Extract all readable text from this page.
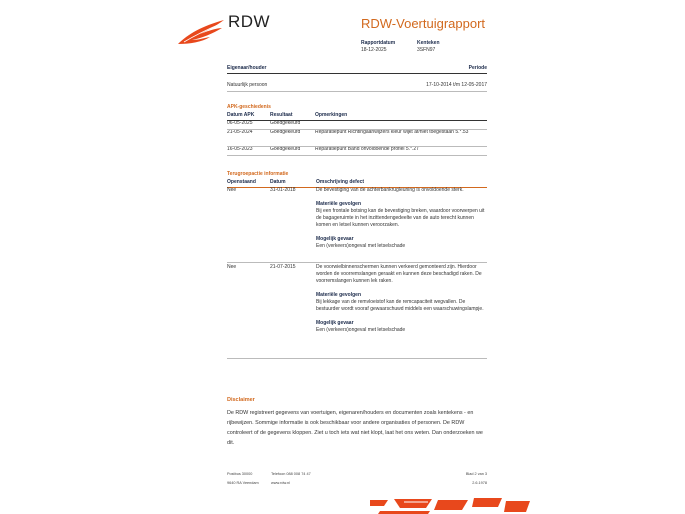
RDW	RDW-Voertuigrapport
Rapportdatum
18-12-2025
Kenteken
3SFN97
Eigenaar/houder	Periode
Natuurlijk persoon	17-10-2014 t/m 12-05-2017
APK-geschiedenis
Datum APK	Resultaat	Opmerkingen
06-05-2025	Goedgekeurd	
21-05-2024	Goedgekeurd	Reparatiepunt Richtingaanwijzers kleur wijkt af/niet toegestaan 5.*.53
16-05-2023	Goedgekeurd	Reparatiepunt Band onvoldoende profiel 5.*.27
Terugroepactie informatie
Openstaand	Datum	Omschrijving defect
Nee	31-01-2018	De bevestiging van de achterbankrugleuning is onvoldoende sterk.

Materiële gevolgen

Bij een frontale botsing kan de bevestiging breken, waardoor voorwerpen uit de bagageruimte in het inzittendengedeelte van de auto terecht kunnen komen en letsel kunnen veroorzaken.

Mogelijk gevaar

Een (verkeers)ongeval met letselschade

Nee	21-07-2015	De voorwielbinnenschermen kunnen verkeerd gemonteerd zijn. Hierdoor worden de voorremslangen geraakt en kunnen deze beschadigd raken. De voorremslangen kunnen lek raken.

Materiële gevolgen

Bij lekkage van de remvloeistof kan de remcapaciteit wegvallen. De bestuurder wordt vooraf gewaarschuwd middels een waarschuwingslampje.

Mogelijk gevaar

Een (verkeers)ongeval met letselschade

Disclaimer
De RDW registreert gegevens van voertuigen, eigenaren/houders en documenten zoals kentekens - en rijbewijzen. Sommige informatie is ook beschikbaar voor andere organisaties of personen. De RDW controleert of de gegevens kloppen. Ziet u toch iets wat niet klopt, laat het ons weten. Dan onderzoeken we dit.
Postbus 30000
9640 RA Veendam
Telefoon 088 008 74 47
www.rdw.nl
Blad 2 van 3
2.6.1978
